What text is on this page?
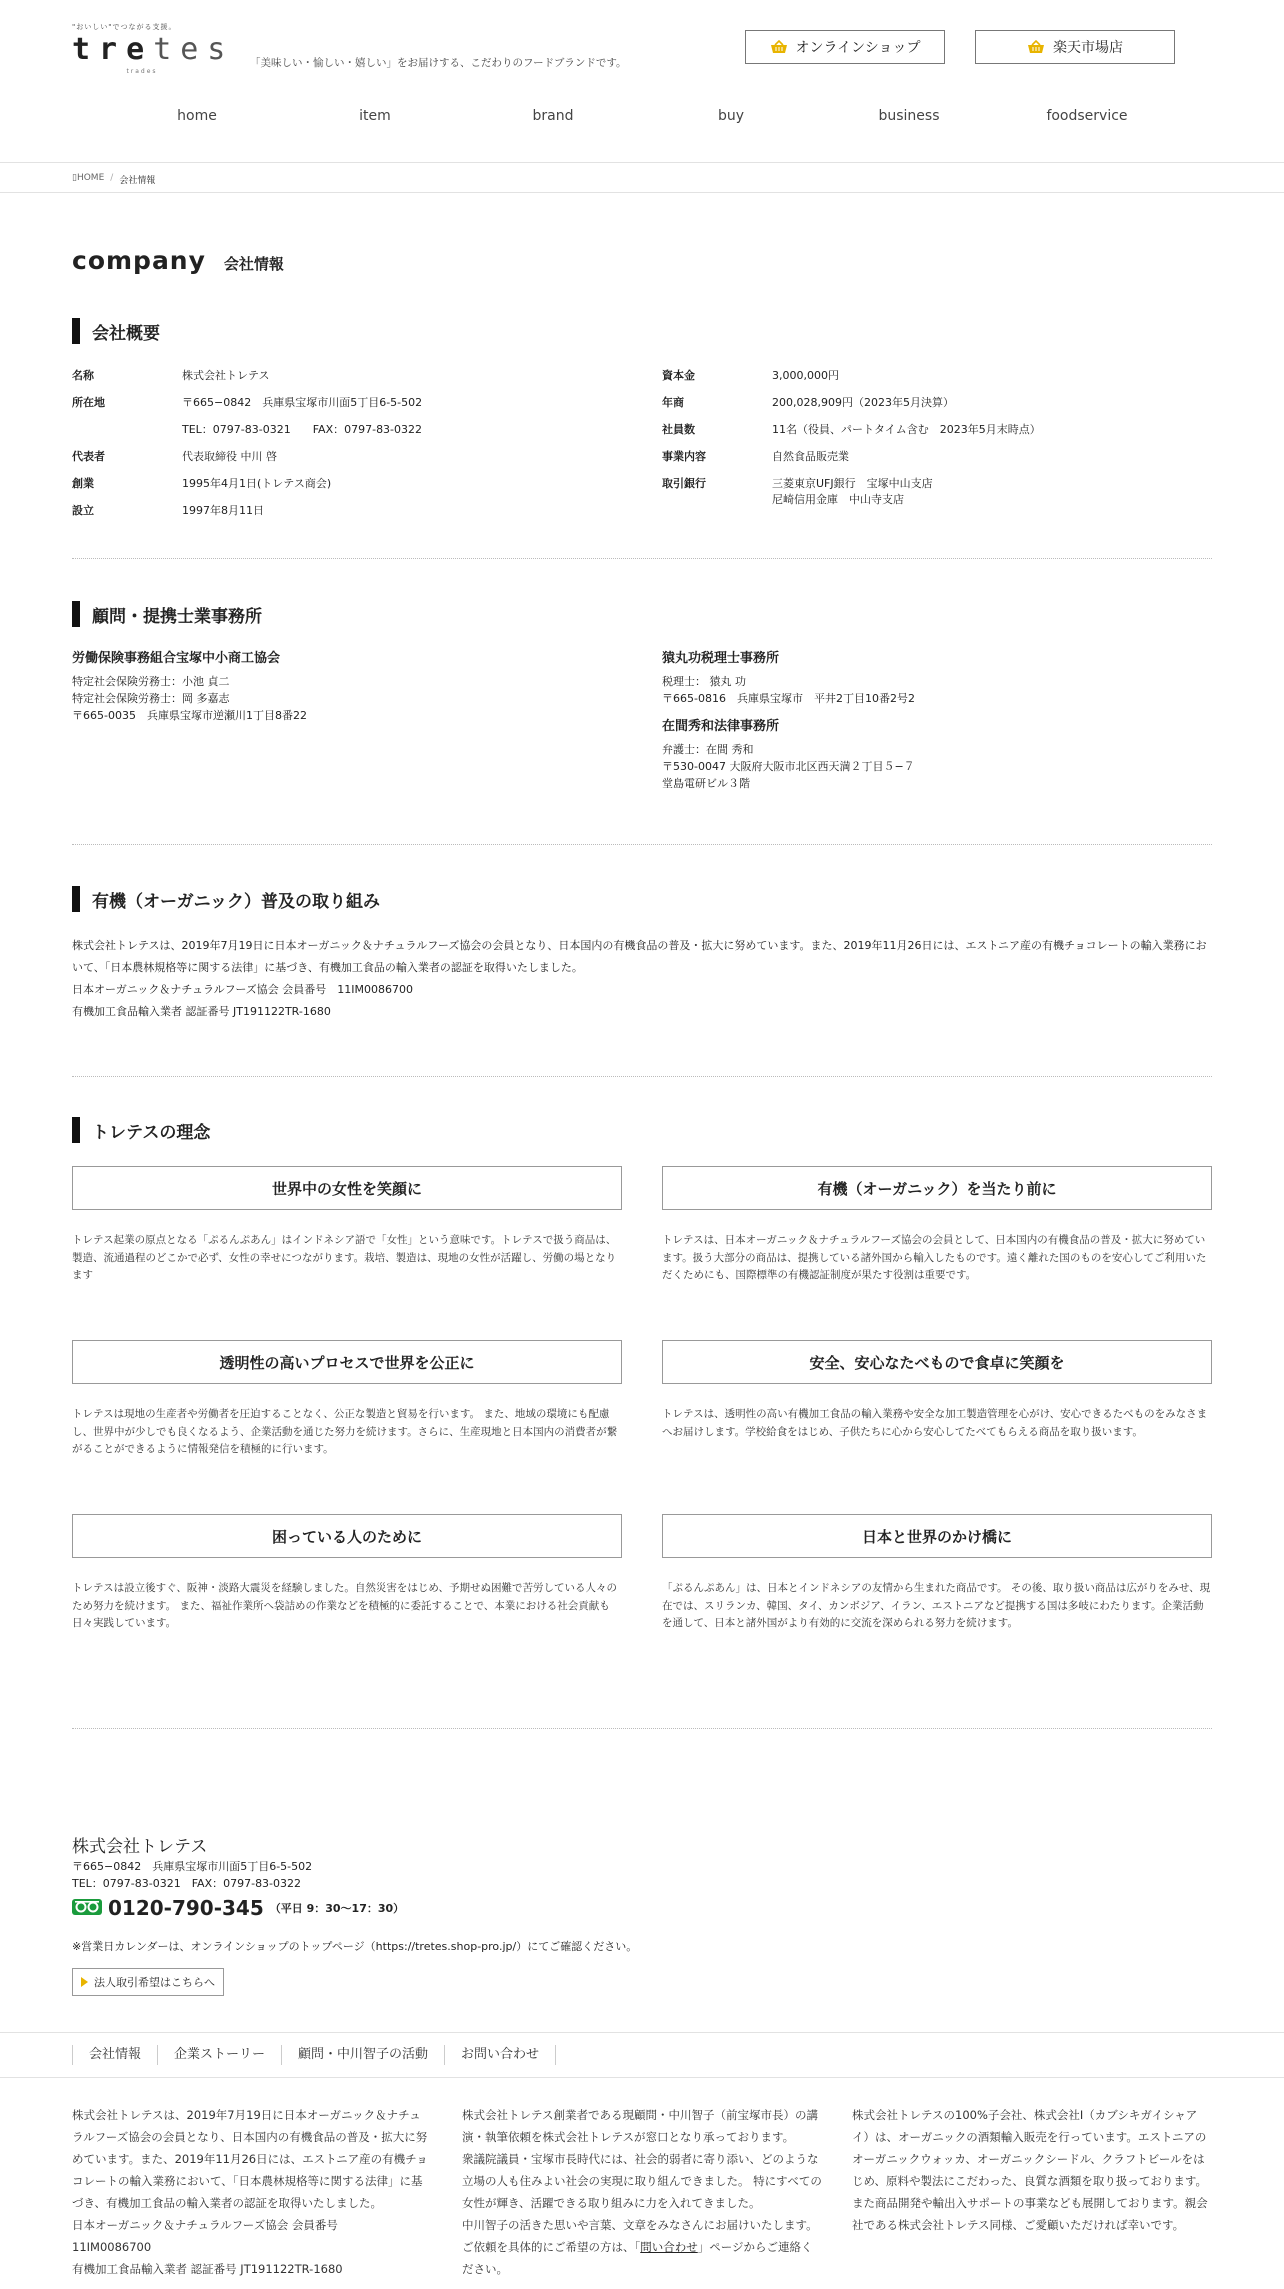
"おいしい"でつながる支援。
tretes
trades
「美味しい・愉しい・嬉しい」をお届けする、こだわりのフードブランドです。
オンラインショップ	楽天市場店
home	item	brand	buy	business	foodservice
▯HOME / 会社情報
company 会社情報
会社概要
名称	株式会社トレテス
所在地	〒665−0842　兵庫県宝塚市川面5丁目6-5-502
TEL：0797-83-0321　　FAX：0797-83-0322
代表者	代表取締役 中川 啓
創業	1995年4月1日(トレテス商会)
設立	1997年8月11日
資本金	3,000,000円
年商	200,028,909円（2023年5月決算）
社員数	11名（役員、パートタイム含む　2023年5月末時点）
事業内容	自然食品販売業
取引銀行	三菱東京UFJ銀行　宝塚中山支店
尼崎信用金庫　中山寺支店
顧問・提携士業事務所
労働保険事務組合宝塚中小商工協会
特定社会保険労務士：小池 貞二
特定社会保険労務士：岡 多嘉志
〒665-0035　兵庫県宝塚市逆瀬川1丁目8番22
猿丸功税理士事務所
税理士： 猿丸 功
〒665-0816　兵庫県宝塚市　平井2丁目10番2号2
在間秀和法律事務所
弁護士：在間 秀和
〒530-0047 大阪府大阪市北区西天満２丁目５−７
堂島電研ビル３階
有機（オーガニック）普及の取り組み
株式会社トレテスは、2019年7月19日に日本オーガニック＆ナチュラルフーズ協会の会員となり、日本国内の有機食品の普及・拡大に努めています。また、2019年11月26日には、エストニア産の有機チョコレートの輸入業務において、「日本農林規格等に関する法律」に基づき、有機加工食品の輸入業者の認証を取得いたしました。
日本オーガニック＆ナチュラルフーズ協会 会員番号　11IM0086700
有機加工食品輸入業者 認証番号 JT191122TR-1680
トレテスの理念
世界中の女性を笑顔に
トレテス起業の原点となる「ぷるんぷあん」はインドネシア語で「女性」という意味です。トレテスで扱う商品は、製造、流通過程のどこかで必ず、女性の幸せにつながります。栽培、製造は、現地の女性が活躍し、労働の場となります
有機（オーガニック）を当たり前に
トレテスは、日本オーガニック＆ナチュラルフーズ協会の会員として、日本国内の有機食品の普及・拡大に努めています。扱う大部分の商品は、提携している諸外国から輸入したものです。遠く離れた国のものを安心してご利用いただくためにも、国際標準の有機認証制度が果たす役割は重要です。
透明性の高いプロセスで世界を公正に
トレテスは現地の生産者や労働者を圧迫することなく、公正な製造と貿易を行います。 また、地域の環境にも配慮し、世界中が少しでも良くなるよう、企業活動を通じた努力を続けます。さらに、生産現地と日本国内の消費者が繋がることができるように情報発信を積極的に行います。
安全、安心なたべもので食卓に笑顔を
トレテスは、透明性の高い有機加工食品の輸入業務や安全な加工製造管理を心がけ、安心できるたべものをみなさまへお届けします。学校給食をはじめ、子供たちに心から安心してたべてもらえる商品を取り扱います。
困っている人のために
トレテスは設立後すぐ、阪神・淡路大震災を経験しました。自然災害をはじめ、予期せぬ困難で苦労している人々のため努力を続けます。 また、福祉作業所へ袋詰めの作業などを積極的に委託することで、本業における社会貢献も日々実践しています。
日本と世界のかけ橋に
「ぷるんぷあん」は、日本とインドネシアの友情から生まれた商品です。 その後、取り扱い商品は広がりをみせ、現在では、スリランカ、韓国、タイ、カンボジア、イラン、エストニアなど提携する国は多岐にわたります。企業活動を通して、日本と諸外国がより有効的に交流を深められる努力を続けます。
株式会社トレテス
〒665−0842　兵庫県宝塚市川面5丁目6-5-502
TEL：0797-83-0321　FAX：0797-83-0322
0120-790-345 （平日 9：30〜17：30）
※営業日カレンダーは、オンラインショップのトップページ（https://tretes.shop-pro.jp/）にてご確認ください。
法人取引希望はこちらへ
会社情報	企業ストーリー	顧問・中川智子の活動	お問い合わせ
株式会社トレテスは、2019年7月19日に日本オーガニック＆ナチュラルフーズ協会の会員となり、日本国内の有機食品の普及・拡大に努めています。また、2019年11月26日には、エストニア産の有機チョコレートの輸入業務において、「日本農林規格等に関する法律」に基づき、有機加工食品の輸入業者の認証を取得いたしました。
日本オーガニック＆ナチュラルフーズ協会 会員番号
11IM0086700
有機加工食品輸入業者 認証番号 JT191122TR-1680
株式会社トレテス創業者である現顧問・中川智子（前宝塚市長）の講演・執筆依頼を株式会社トレテスが窓口となり承っております。
衆議院議員・宝塚市長時代には、社会的弱者に寄り添い、どのような立場の人も住みよい社会の実現に取り組んできました。 特にすべての女性が輝き、活躍できる取り組みに力を入れてきました。
中川智子の活きた思いや言葉、文章をみなさんにお届けいたします。
ご依頼を具体的にご希望の方は、「問い合わせ」ページからご連絡ください。
株式会社トレテスの100%子会社、株式会社I（カブシキガイシャアイ）は、オーガニックの酒類輸入販売を行っています。エストニアのオーガニックウォッカ、オーガニックシードル、クラフトビールをはじめ、原料や製法にこだわった、良質な酒類を取り扱っております。また商品開発や輸出入サポートの事業なども展開しております。親会社である株式会社トレテス同様、ご愛顧いただければ幸いです。
